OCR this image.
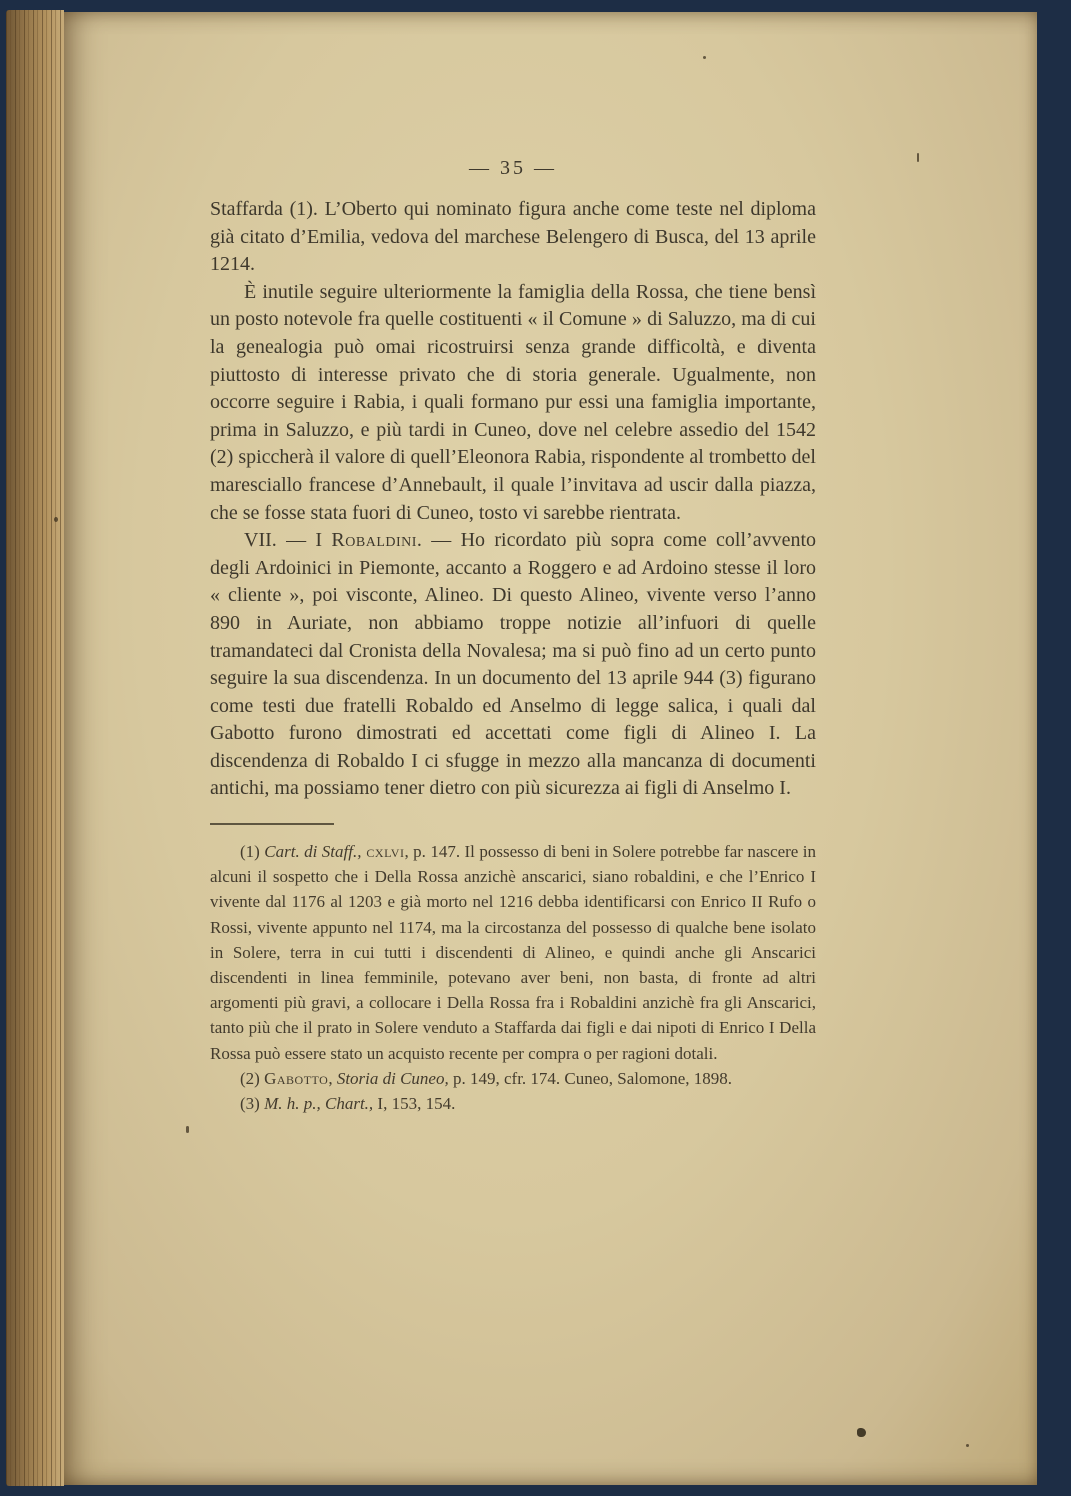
— 35 —

Staffarda (1). L’Oberto qui nominato figura anche come teste nel diploma già citato d’Emilia, vedova del marchese Belengero di Busca, del 13 aprile 1214.

È inutile seguire ulteriormente la famiglia della Rossa, che tiene bensì un posto notevole fra quelle costituenti « il Comune » di Saluzzo, ma di cui la genealogia può omai ricostruirsi senza grande difficoltà, e diventa piuttosto di interesse privato che di storia generale. Ugualmente, non occorre seguire i Rabia, i quali formano pur essi una famiglia importante, prima in Saluzzo, e più tardi in Cuneo, dove nel celebre assedio del 1542 (2) spiccherà il valore di quell’Eleonora Rabia, rispondente al trombetto del maresciallo francese d’Annebault, il quale l’invitava ad uscir dalla piazza, che se fosse stata fuori di Cuneo, tosto vi sarebbe rientrata.

VII. — I Robaldini. — Ho ricordato più sopra come coll’avvento degli Ardoinici in Piemonte, accanto a Roggero e ad Ardoino stesse il loro « cliente », poi visconte, Alineo. Di questo Alineo, vivente verso l’anno 890 in Auriate, non abbiamo troppe notizie all’infuori di quelle tramandateci dal Cronista della Novalesa; ma si può fino ad un certo punto seguire la sua discendenza. In un documento del 13 aprile 944 (3) figurano come testi due fratelli Robaldo ed Anselmo di legge salica, i quali dal Gabotto furono dimostrati ed accettati come figli di Alineo I. La discendenza di Robaldo I ci sfugge in mezzo alla mancanza di documenti antichi, ma possiamo tener dietro con più sicurezza ai figli di Anselmo I.

(1) Cart. di Staff., cxlvi, p. 147. Il possesso di beni in Solere potrebbe far nascere in alcuni il sospetto che i Della Rossa anzichè anscarici, siano robaldini, e che l’Enrico I vivente dal 1176 al 1203 e già morto nel 1216 debba identificarsi con Enrico II Rufo o Rossi, vivente appunto nel 1174, ma la circostanza del possesso di qualche bene isolato in Solere, terra in cui tutti i discendenti di Alineo, e quindi anche gli Anscarici discendenti in linea femminile, potevano aver beni, non basta, di fronte ad altri argomenti più gravi, a collocare i Della Rossa fra i Robaldini anzichè fra gli Anscarici, tanto più che il prato in Solere venduto a Staffarda dai figli e dai nipoti di Enrico I Della Rossa può essere stato un acquisto recente per compra o per ragioni dotali.

(2) Gabotto, Storia di Cuneo, p. 149, cfr. 174. Cuneo, Salomone, 1898.

(3) M. h. p., Chart., I, 153, 154.
